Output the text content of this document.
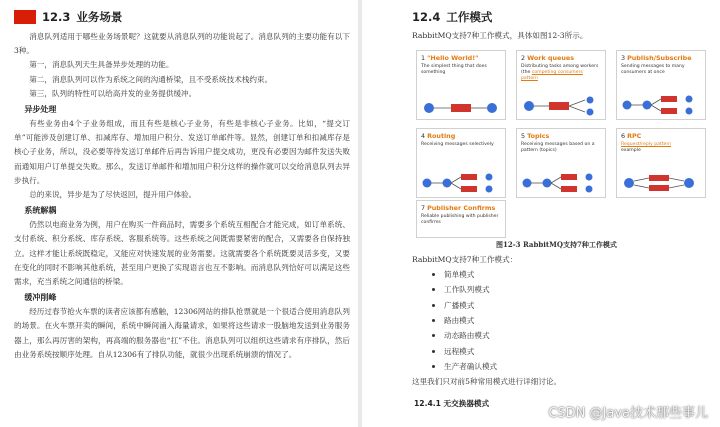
12.3 业务场景

消息队列适用于哪些业务场景呢？这就要从消息队列的功能说起了。消息队列的主要功能有以下3种。

第一，消息队列天生具备异步处理的功能。

第二，消息队列可以作为系统之间的沟通桥梁，且不受系统技术栈约束。

第三，队列的特性可以给高并发的业务提供缓冲。

异步处理

有些业务由4个子业务组成，而且有些是核心子业务，有些是非核心子业务。比如，“提交订单”可能涉及创建订单、扣减库存、增加用户积分、发送订单邮件等。显然，创建订单和扣减库存是核心子业务，所以，没必要等待发送订单邮件后再告诉用户提交成功，更没有必要因为邮件发送失败而通知用户订单提交失败。那么，发送订单邮件和增加用户积分这样的操作就可以交给消息队列去异步执行。

总的来说，异步是为了尽快返回，提升用户体验。

系统解耦

仍然以电商业务为例，用户在购买一件商品时，需要多个系统互相配合才能完成，如订单系统、支付系统、积分系统、库存系统、客服系统等。这些系统之间既需要紧密的配合，又需要各自保持独立。这样才能让系统既稳定，又能应对快速发展的业务需要。这就需要各个系统既要灵活多变，又要在变化的同时不影响其他系统，甚至用户更换了实现语言也互不影响。而消息队列恰好可以满足这些需求，充当系统之间通信的桥梁。

缓冲削峰

经历过春节抢火车票的读者应该都有感触，12306网站的排队抢票就是一个很适合使用消息队列的场景。在火车票开卖的瞬间，系统中瞬间涌入海量请求，如果将这些请求一股脑地发送到业务服务器上，那么再厉害的架构，再高端的服务器也“扛”不住。消息队列可以组织这些请求有序排队，然后由业务系统按顺序处理。自从12306有了排队功能，就很少出现系统崩溃的情况了。

12.4 工作模式
RabbitMQ支持7种工作模式，具体如图12-3所示。
1 "Hello World!"
The simplest thing that does something
2 Work queues
Distributing tasks among workers (the competing consumers pattern
3 Publish/Subscribe
Sending messages to many consumers at once
4 Routing
Receiving messages selectively
5 Topics
Receiving messages based on a pattern (topics)
6 RPC
Request/reply pattern
example
7 Publisher Confirms
Reliable publishing with publisher confirms
图12-3 RabbitMQ支持7种工作模式
RabbitMQ支持7种工作模式：
简单模式
工作队列模式
广播模式
路由模式
动态路由模式
远程模式
生产者确认模式
这里我们只对前5种常用模式进行详细讨论。
12.4.1 无交换器模式
CSDN @Java技术那些事儿
